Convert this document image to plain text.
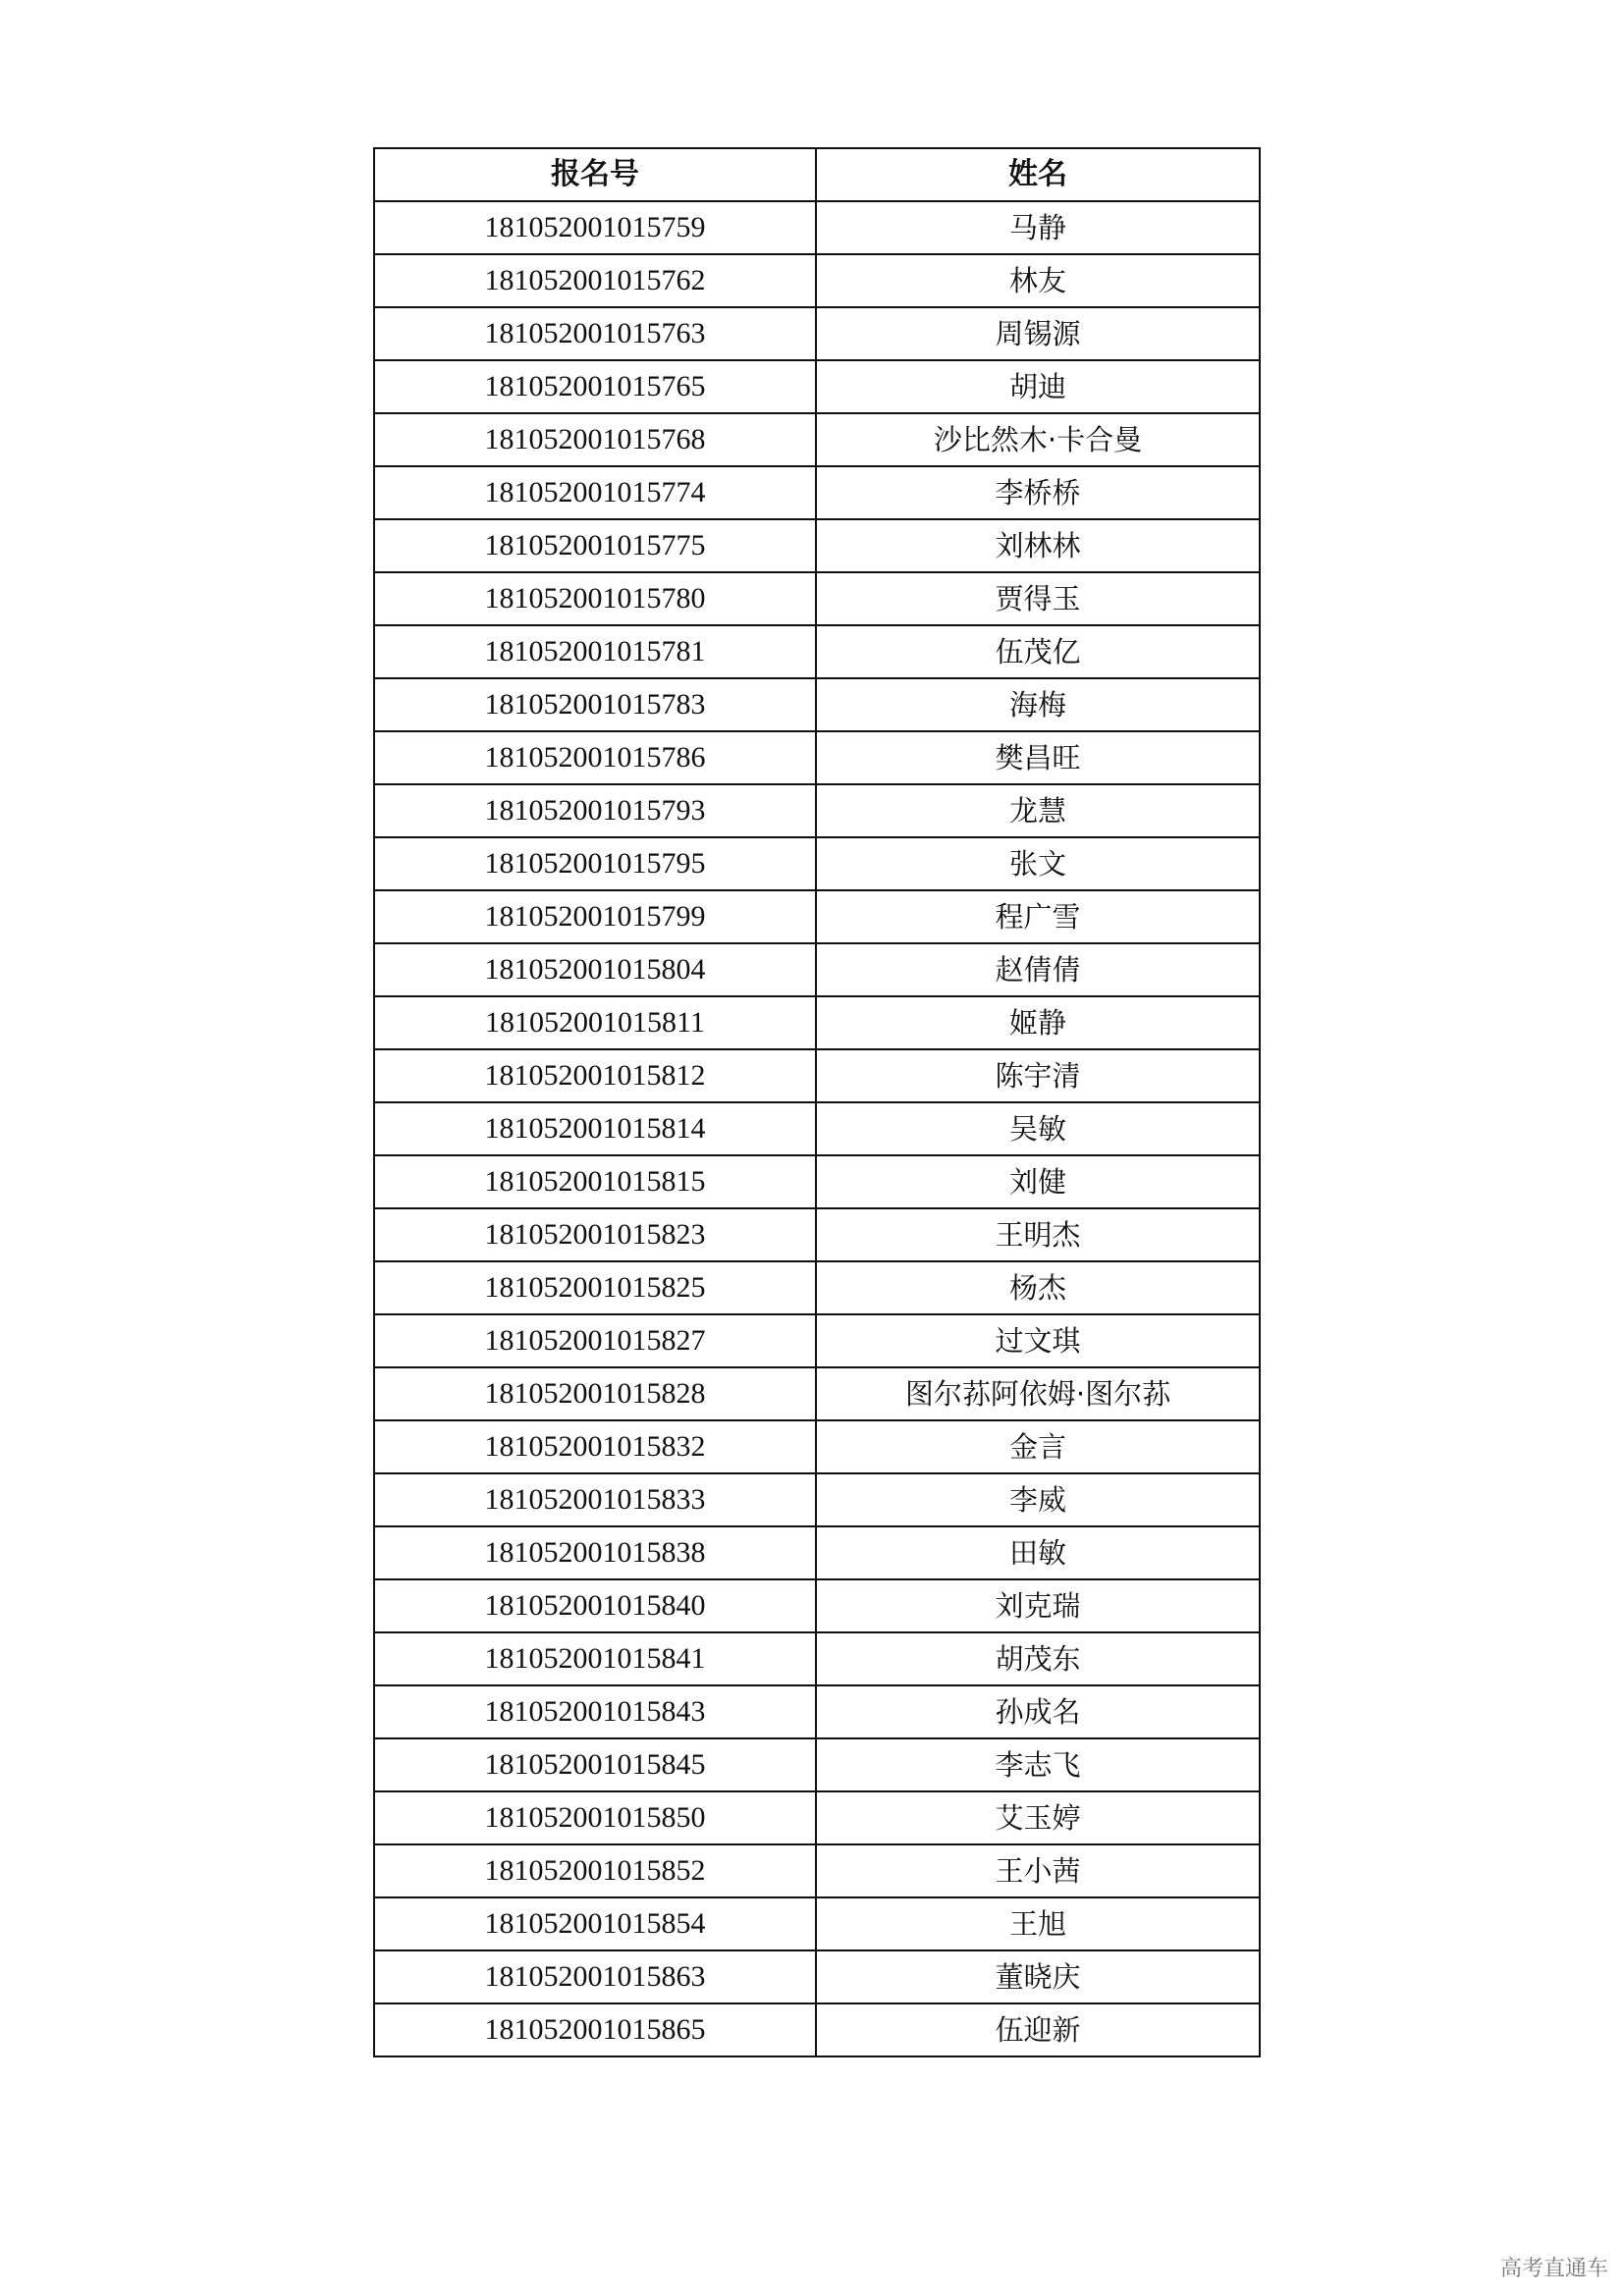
报名号	姓名
181052001015759	马静
181052001015762	林友
181052001015763	周锡源
181052001015765	胡迪
181052001015768	沙比然木·卡合曼
181052001015774	李桥桥
181052001015775	刘林林
181052001015780	贾得玉
181052001015781	伍茂亿
181052001015783	海梅
181052001015786	樊昌旺
181052001015793	龙慧
181052001015795	张文
181052001015799	程广雪
181052001015804	赵倩倩
181052001015811	姬静
181052001015812	陈宇清
181052001015814	吴敏
181052001015815	刘健
181052001015823	王明杰
181052001015825	杨杰
181052001015827	过文琪
181052001015828	图尔荪阿依姆·图尔荪
181052001015832	金言
181052001015833	李威
181052001015838	田敏
181052001015840	刘克瑞
181052001015841	胡茂东
181052001015843	孙成名
181052001015845	李志飞
181052001015850	艾玉婷
181052001015852	王小茜
181052001015854	王旭
181052001015863	董晓庆
181052001015865	伍迎新
高考直通车
